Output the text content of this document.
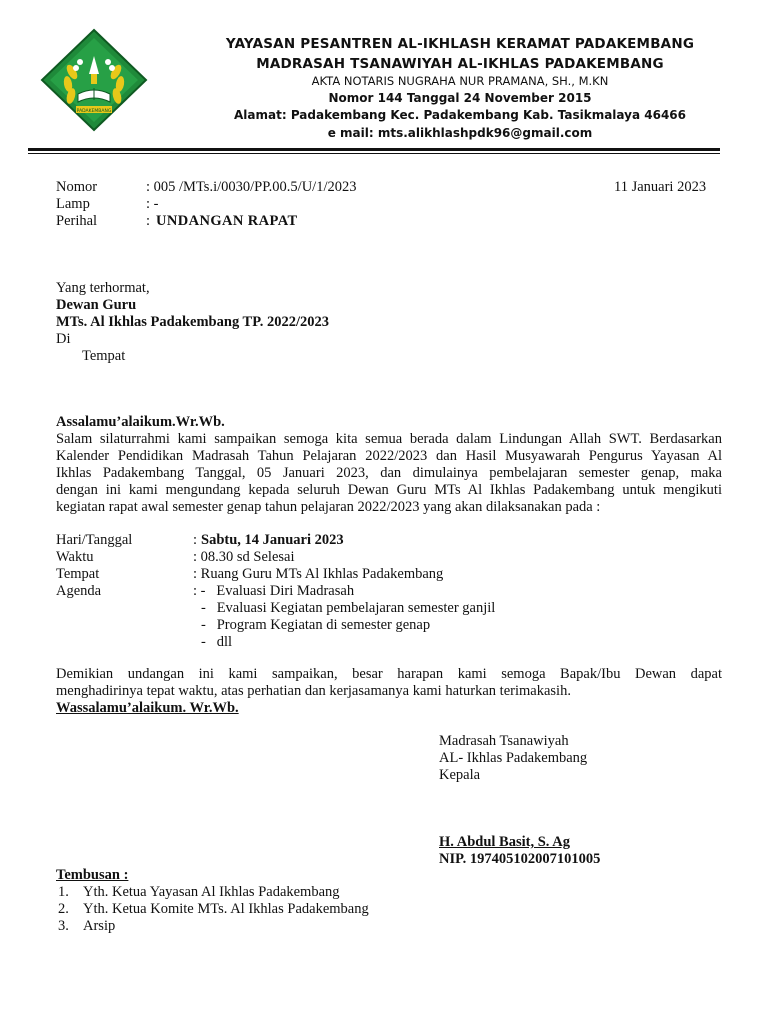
PADAKEMBANG
YAYASAN PESANTREN AL-IKHLASH KERAMAT PADAKEMBANG
MADRASAH TSANAWIYAH AL-IKHLAS PADAKEMBANG
AKTA NOTARIS NUGRAHA NUR PRAMANA, SH., M.KN
Nomor 144 Tanggal 24 November 2015
Alamat: Padakembang Kec. Padakembang Kab. Tasikmalaya 46466
e mail: mts.alikhlashpdk96@gmail.com
Nomor	: 005 /MTs.i/0030/PP.00.5/U/1/2023	11 Januari 2023
Lamp	: -
Perihal	: UNDANGAN RAPAT
Yang terhormat,
Dewan Guru
MTs. Al Ikhlas Padakembang TP. 2022/2023
Di
Tempat
Assalamu’alaikum.Wr.Wb.
Salam silaturrahmi kami sampaikan semoga kita semua berada dalam Lindungan Allah SWT. Berdasarkan
Kalender Pendidikan Madrasah Tahun Pelajaran 2022/2023 dan Hasil Musyawarah Pengurus Yayasan Al
Ikhlas Padakembang Tanggal, 05 Januari 2023, dan dimulainya pembelajaran semester genap, maka
dengan ini kami mengundang kepada seluruh Dewan Guru MTs Al Ikhlas Padakembang untuk mengikuti
kegiatan rapat awal semester genap tahun pelajaran 2022/2023 yang akan dilaksanakan pada :
Hari/Tanggal	: Sabtu, 14 Januari 2023
Waktu	: 08.30 sd Selesai
Tempat	: Ruang Guru MTs Al Ikhlas Padakembang
Agenda	: -   Evaluasi Diri Madrasah
-   Evaluasi Kegiatan pembelajaran semester ganjil
-   Program Kegiatan di semester genap
-   dll
Demikian undangan ini kami sampaikan, besar harapan kami semoga Bapak/Ibu Dewan dapat
menghadirinya tepat waktu, atas perhatian dan kerjasamanya kami haturkan terimakasih.
Wassalamu’alaikum. Wr.Wb.
Madrasah Tsanawiyah
AL- Ikhlas Padakembang
Kepala
H. Abdul Basit, S. Ag
NIP. 197405102007101005
Tembusan :
1. Yth. Ketua Yayasan Al Ikhlas Padakembang
2. Yth. Ketua Komite MTs. Al Ikhlas Padakembang
3. Arsip
